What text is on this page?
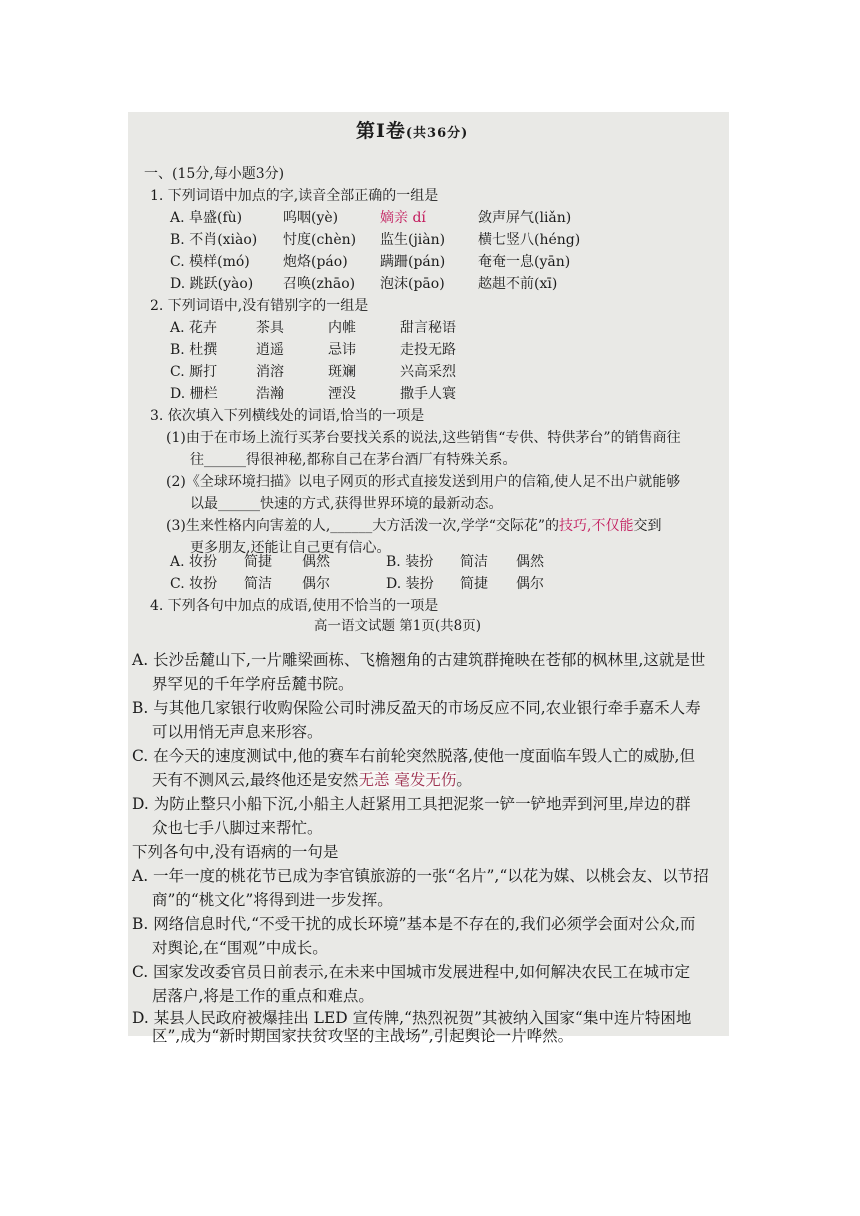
第Ⅰ卷(共36分)
一、(15分,每小题3分)
1. 下列词语中加点的字,读音全部正确的一组是
A. 阜盛(fù)	呜咽(yè)	嫡亲 dí	敛声屏气(liǎn)
B. 不肖(xiào) 忖度(chèn) 监生(jiàn) 横七竖八(héng)
C. 模样(mó) 炮烙(páo) 蹒跚(pán) 奄奄一息(yān)
D. 跳跃(yào) 召唤(zhāo) 泡沫(pāo) 趑趄不前(xī)
2. 下列词语中,没有错别字的一组是
A. 花卉	茶具	内帷	甜言秘语
B. 杜撰	逍遥	忌讳	走投无路
C. 厮打	消溶	斑斓	兴高采烈
D. 栅栏	浩瀚	湮没	撒手人寰
3. 依次填入下列横线处的词语,恰当的一项是
(1)由于在市场上流行买茅台要找关系的说法,这些销售“专供、特供茅台”的销售商往
往______得很神秘,都称自己在茅台酒厂有特殊关系。
(2)《全球环境扫描》以电子网页的形式直接发送到用户的信箱,使人足不出户就能够
以最______快速的方式,获得世界环境的最新动态。
(3)生来性格内向害羞的人,______大方活泼一次,学学“交际花”的技巧,不仅能交到
更多朋友,还能让自己更有信心。
A. 妆扮 简捷 偶然	B. 装扮 简洁 偶然
C. 妆扮 简洁 偶尔	D. 装扮 简捷 偶尔
4. 下列各句中加点的成语,使用不恰当的一项是
高一语文试题 第1页(共8页)
A. 长沙岳麓山下,一片雕梁画栋、飞檐翘角的古建筑群掩映在苍郁的枫林里,这就是世
界罕见的千年学府岳麓书院。
B. 与其他几家银行收购保险公司时沸反盈天的市场反应不同,农业银行牵手嘉禾人寿
可以用悄无声息来形容。
C. 在今天的速度测试中,他的赛车右前轮突然脱落,使他一度面临车毁人亡的威胁,但
天有不测风云,最终他还是安然无恙 毫发无伤。
D. 为防止整只小船下沉,小船主人赶紧用工具把泥浆一铲一铲地弄到河里,岸边的群
众也七手八脚过来帮忙。
下列各句中,没有语病的一句是
A. 一年一度的桃花节已成为李官镇旅游的一张“名片”,“以花为媒、以桃会友、以节招
商”的“桃文化”将得到进一步发挥。
B. 网络信息时代,“不受干扰的成长环境”基本是不存在的,我们必须学会面对公众,而
对舆论,在“围观”中成长。
C. 国家发改委官员日前表示,在未来中国城市发展进程中,如何解决农民工在城市定
居落户,将是工作的重点和难点。
D. 某县人民政府被爆挂出 LED 宣传牌,“热烈祝贺”其被纳入国家“集中连片特困地
区”,成为“新时期国家扶贫攻坚的主战场”,引起舆论一片哗然。
